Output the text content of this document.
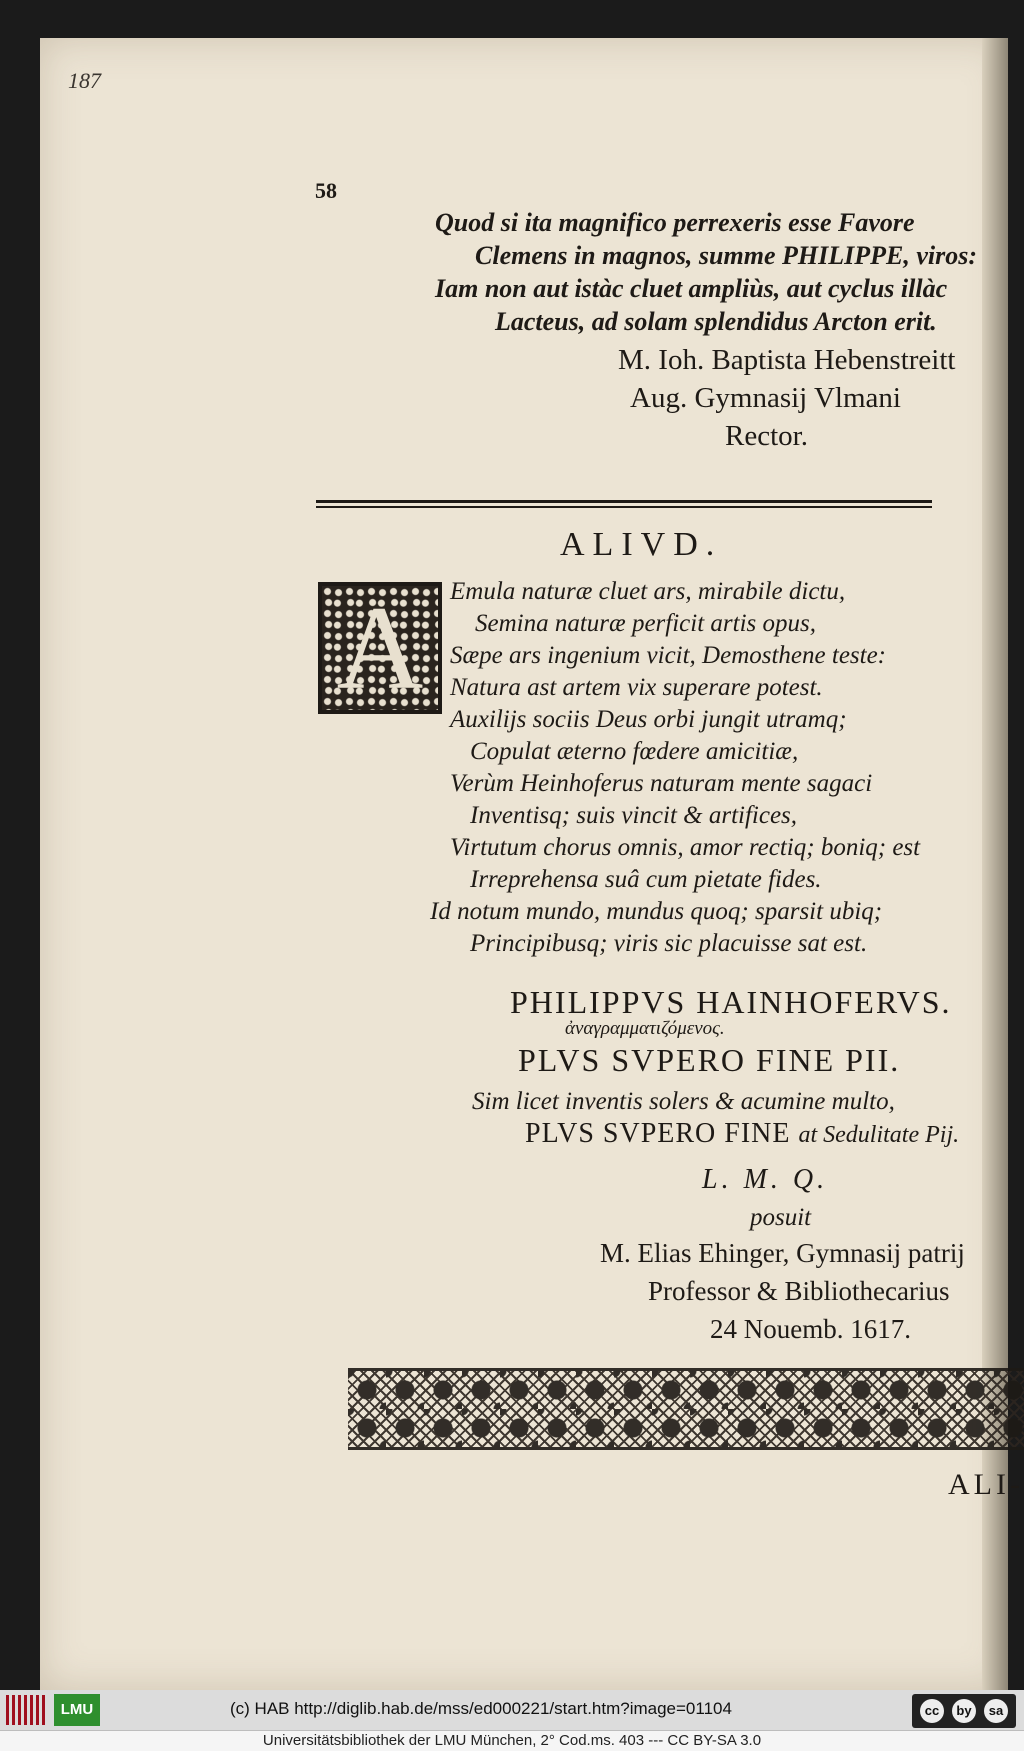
187
58
Quod si ita magnifico perrexeris esse Favore
Clemens in magnos, summe PHILIPPE, viros:
Iam non aut istàc cluet ampliùs, aut cyclus illàc
Lacteus, ad solam splendidus Arcton erit.
M. Ioh. Baptista Hebenstreitt
Aug. Gymnasij Vlmani
Rector.
ALIVD.
A	Emula naturæ cluet ars, mirabile dictu,
Semina naturæ perficit artis opus,
Sæpe ars ingenium vicit, Demosthene teste:
Natura ast artem vix superare potest.
Auxilijs sociis Deus orbi jungit utramq;
Copulat æterno fœdere amicitiæ,
Verùm Heinhoferus naturam mente sagaci
Inventisq; suis vincit & artifices,
Virtutum chorus omnis, amor rectiq; boniq; est
Irreprehensa suâ cum pietate fides.
Id notum mundo, mundus quoq; sparsit ubiq;
Principibusq; viris sic placuisse sat est.
PHILIPPVS HAINHOFERVS.
ἀναγραμματιζόμενος.
PLVS SVPERO FINE PII.
Sim licet inventis solers & acumine multo,
PLVS SVPERO FINE at Sedulitate Pij.
L. M. Q.
posuit
M. Elias Ehinger, Gymnasij patrij
Professor & Bibliothecarius
24 Nouemb. 1617.
ALI-
LMU	(c) HAB http://diglib.hab.de/mss/ed000221/start.htm?image=01104	cc	by	sa
Universitätsbibliothek der LMU München, 2° Cod.ms. 403 --- CC BY-SA 3.0
